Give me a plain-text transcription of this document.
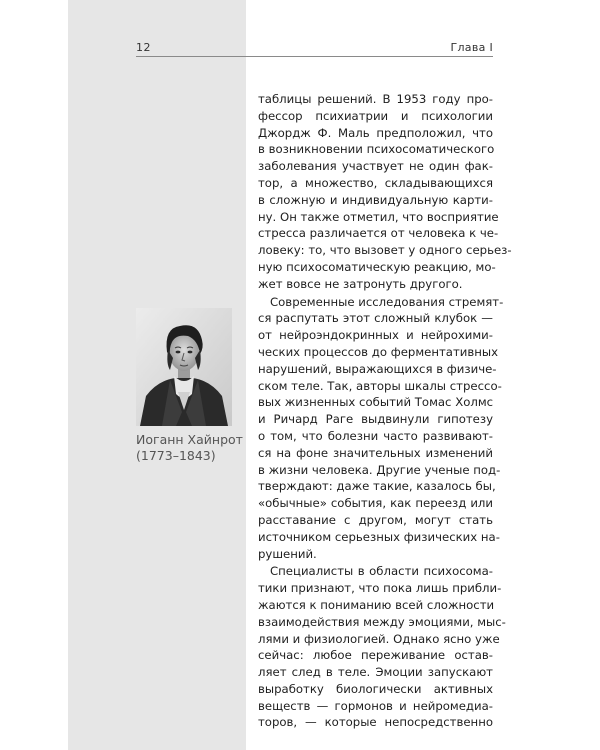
12	Глава I
Иоганн Хайнрот
(1773–1843)
таблицы решений. В 1953 году про-
фессор психиатрии и психологии
Джордж Ф. Маль предположил, что
в возникновении психосоматического
заболевания участвует не один фак-
тор, а множество, складывающихся
в сложную и индивидуальную карти-
ну. Он также отметил, что восприятие
стресса различается от человека к че-
ловеку: то, что вызовет у одного серьез-
ную психосоматическую реакцию, мо-
жет вовсе не затронуть другого.
Современные исследования стремят-
ся распутать этот сложный клубок —
от нейроэндокринных и нейрохими-
ческих процессов до ферментативных
нарушений, выражающихся в физиче-
ском теле. Так, авторы шкалы стрессо-
вых жизненных событий Томас Холмс
и Ричард Раге выдвинули гипотезу
о том, что болезни часто развивают-
ся на фоне значительных изменений
в жизни человека. Другие ученые под-
тверждают: даже такие, казалось бы,
«обычные» события, как переезд или
расставание с другом, могут стать
источником серьезных физических на-
рушений.
Специалисты в области психосома-
тики признают, что пока лишь прибли-
жаются к пониманию всей сложности
взаимодействия между эмоциями, мыс-
лями и физиологией. Однако ясно уже
сейчас: любое переживание остав-
ляет след в теле. Эмоции запускают
выработку биологически активных
веществ — гормонов и нейромедиа-
торов, — которые непосредственно
